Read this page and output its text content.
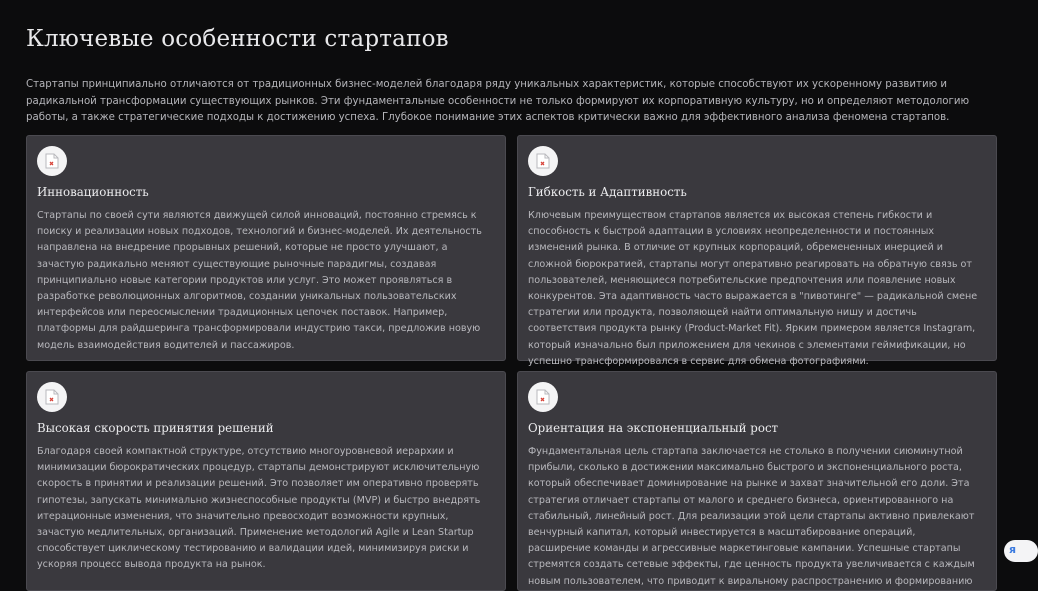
Ключевые особенности стартапов

Стартапы принципиально отличаются от традиционных бизнес-моделей благодаря ряду уникальных характеристик, которые способствуют их ускоренному развитию и радикальной трансформации существующих рынков. Эти фундаментальные особенности не только формируют их корпоративную культуру, но и определяют методологию работы, а также стратегические подходы к достижению успеха. Глубокое понимание этих аспектов критически важно для эффективного анализа феномена стартапов.

Инновационность

Стартапы по своей сути являются движущей силой инноваций, постоянно стремясь к поиску и реализации новых подходов, технологий и бизнес-моделей. Их деятельность направлена на внедрение прорывных решений, которые не просто улучшают, а зачастую радикально меняют существующие рыночные парадигмы, создавая принципиально новые категории продуктов или услуг. Это может проявляться в разработке революционных алгоритмов, создании уникальных пользовательских интерфейсов или переосмыслении традиционных цепочек поставок. Например, платформы для райдшеринга трансформировали индустрию такси, предложив новую модель взаимодействия водителей и пассажиров.

Гибкость и Адаптивность

Ключевым преимуществом стартапов является их высокая степень гибкости и способность к быстрой адаптации в условиях неопределенности и постоянных изменений рынка. В отличие от крупных корпораций, обремененных инерцией и сложной бюрократией, стартапы могут оперативно реагировать на обратную связь от пользователей, меняющиеся потребительские предпочтения или появление новых конкурентов. Эта адаптивность часто выражается в "пивотинге" — радикальной смене стратегии или продукта, позволяющей найти оптимальную нишу и достичь соответствия продукта рынку (Product-Market Fit). Ярким примером является Instagram, который изначально был приложением для чекинов с элементами геймификации, но успешно трансформировался в сервис для обмена фотографиями.

Высокая скорость принятия решений

Благодаря своей компактной структуре, отсутствию многоуровневой иерархии и минимизации бюрократических процедур, стартапы демонстрируют исключительную скорость в принятии и реализации решений. Это позволяет им оперативно проверять гипотезы, запускать минимально жизнеспособные продукты (MVP) и быстро внедрять итерационные изменения, что значительно превосходит возможности крупных, зачастую медлительных, организаций. Применение методологий Agile и Lean Startup способствует циклическому тестированию и валидации идей, минимизируя риски и ускоряя процесс вывода продукта на рынок.

Ориентация на экспоненциальный рост

Фундаментальная цель стартапа заключается не столько в получении сиюминутной прибыли, сколько в достижении максимально быстрого и экспоненциального роста, который обеспечивает доминирование на рынке и захват значительной его доли. Эта стратегия отличает стартапы от малого и среднего бизнеса, ориентированного на стабильный, линейный рост. Для реализации этой цели стартапы активно привлекают венчурный капитал, который инвестируется в масштабирование операций, расширение команды и агрессивные маркетинговые кампании. Успешные стартапы стремятся создать сетевые эффекты, где ценность продукта увеличивается с каждым новым пользователем, что приводит к виральному распространению и формированию

я
